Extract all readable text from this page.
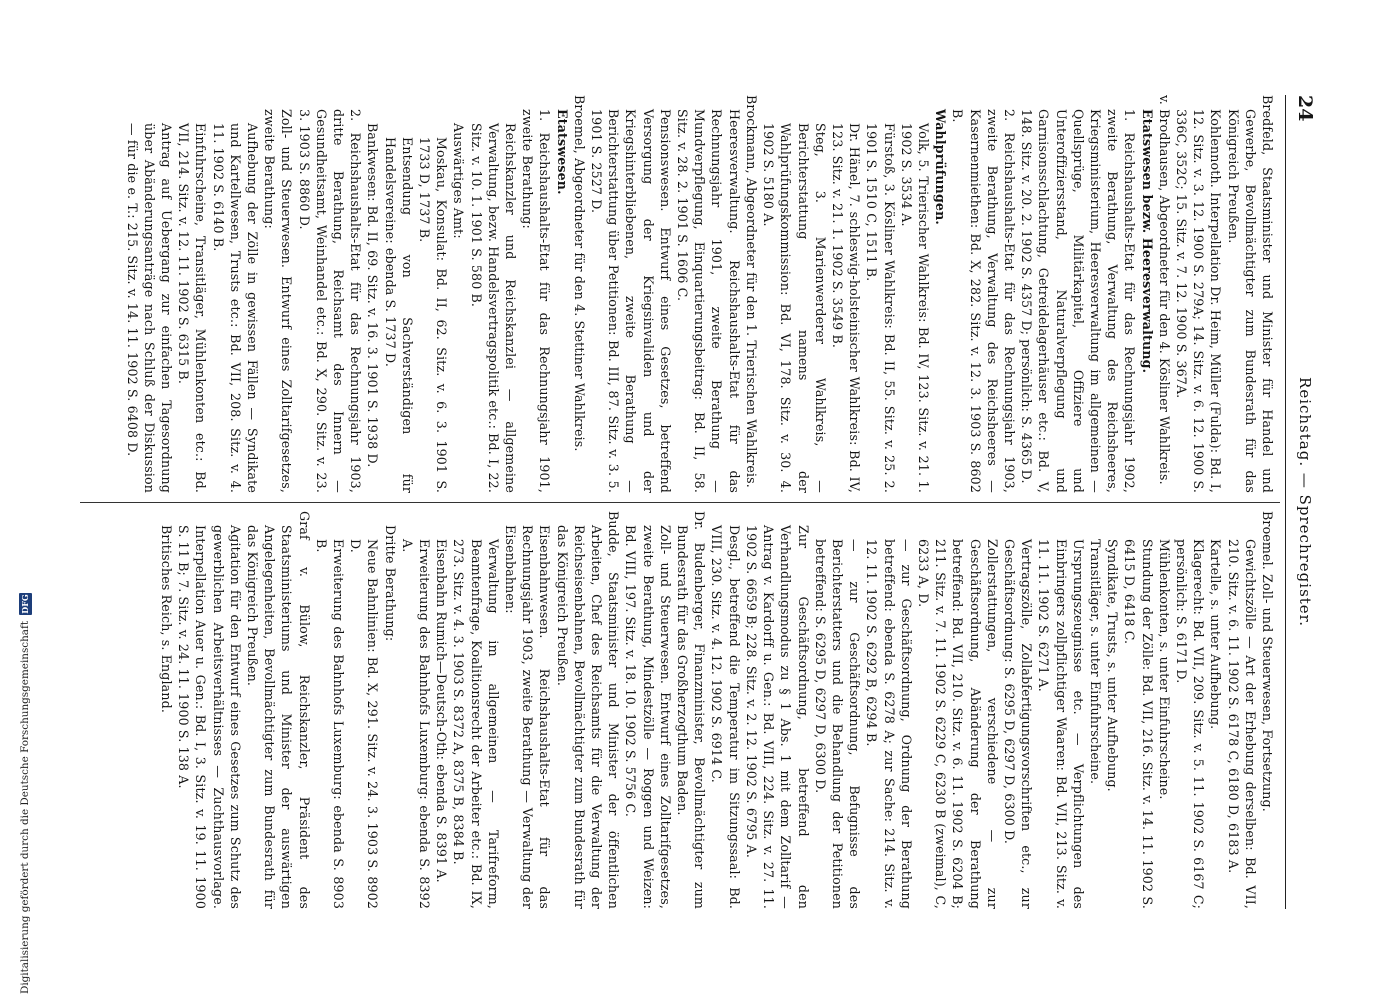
24
Reichstag. — Sprechregister.

Bredfeld, Staatsminister und Minister für Handel und Gewerbe, Bevollmächtigter zum Bundesrath für das Königreich Preußen.

Kohlennoth. Interpellation Dr. Heim, Müller (Fulda): Bd. I, 12. Sitz. v. 3. 12. 1900 S. 279A; 14. Sitz. v. 6. 12. 1900 S. 336C, 352C; 15. Sitz. v. 7. 12. 1900 S. 367A.

v. Brodhausen, Abgeordneter für den 4. Kösliner Wahlkreis.

Etatswesen bezw. Heeresverwaltung.

1. Reichshaushalts-Etat für das Rechnungsjahr 1902, zweite Berathung, Verwaltung des Reichsheeres, Kriegsministerium, Heeresverwaltung im allgemeinen — Quellsprüge, Militärkapitel, Offiziere und Unteroffiziersstand, Naturalverpflegung und Garnisonsschlachtung, Getreidelagerhäuser etc.: Bd. V, 148. Sitz. v. 20. 2. 1902 S. 4357 D; persönlich: S. 4365 D.

2. Reichshaushalts-Etat für das Rechnungsjahr 1903, zweite Berathung, Verwaltung des Reichsheeres — Kasernenmiethen: Bd. X, 282. Sitz. v. 12. 3. 1903 S. 8602 B.

Wahlprüfungen.

Volk, 5. Trierischer Wahlkreis: Bd. IV, 123. Sitz. v. 21. 1. 1902 S. 3534 A.

Fürstoß, 3. Kösliner Wahlkreis: Bd. II, 55. Sitz. v. 25. 2. 1901 S. 1510 C, 1511 B.

Dr. Hänel, 7. schleswig-holsteinischer Wahlkreis: Bd. IV, 123. Sitz. v. 21. 1. 1902 S. 3549 B.

Steg, 3. Marienwerderer Wahlkreis, — Berichterstattung namens der Wahlprüfungskommission: Bd. VI, 178. Sitz. v. 30. 4. 1902 S. 5180 A.

Brockmann, Abgeordneter für den 1. Trierischen Wahlkreis.

Heeresverwaltung. Reichshaushalts-Etat für das Rechnungsjahr 1901, zweite Berathung — Mundverpflegung, Einquartierungsbeitrag: Bd. II, 58. Sitz. v. 28. 2. 1901 S. 1606 C.

Pensionswesen. Entwurf eines Gesetzes, betreffend Versorgung der Kriegsinvaliden und der Kriegshinterbliebenen, zweite Berathung — Berichterstattung über Petitionen: Bd. III, 87. Sitz. v. 3. 5. 1901 S. 2527 D.

Broemel, Abgeordneter für den 4. Stettiner Wahlkreis.

Etatswesen.

1. Reichshaushalts-Etat für das Rechnungsjahr 1901, zweite Berathung:

Reichskanzler und Reichskanzlei — allgemeine Verwaltung, bezw. Handelsvertragspolitik etc.: Bd. I, 22. Sitz. v. 10. 1. 1901 S. 580 B.

Auswärtiges Amt:

Moskau, Konsulat: Bd. II, 62. Sitz. v. 6. 3. 1901 S. 1733 D, 1737 B.

Entsendung von Sachverständigen für Handelsvereine: ebenda S. 1737 D.

Bankwesen: Bd. II, 69. Sitz. v. 16. 3. 1901 S. 1938 D.

2. Reichshaushalts-Etat für das Rechnungsjahr 1903, dritte Berathung, Reichsamt des Innern — Gesundheitsamt, Weinhandel etc.: Bd. X, 290. Sitz. v. 23. 3. 1903 S. 8860 D.

Zoll- und Steuerwesen. Entwurf eines Zolltarifgesetzes, zweite Berathung:

Aufhebung der Zölle in gewissen Fällen — Syndikate und Kartellwesen, Trusts etc.: Bd. VII, 208. Sitz. v. 4. 11. 1902 S. 6140 B.

Einfuhrscheine, Transitläger, Mühlenkonten etc.: Bd. VII, 214. Sitz. v. 12. 11. 1902 S. 6315 B.

Antrag auf Uebergang zur einfachen Tagesordnung über Abänderungsanträge nach Schluß der Diskussion — für die e. T.: 215. Sitz. v. 14. 11. 1902 S. 6408 D.

Broemel. Zoll- und Steuerwesen, Fortsetzung.

Gewichtszölle — Art der Erhebung derselben: Bd. VII, 210. Sitz. v. 6. 11. 1902 S. 6178 C, 6180 D, 6183 A.

Kartelle, s. unter Aufhebung.

Klagerecht: Bd. VII, 209. Sitz. v. 5. 11. 1902 S. 6167 C; persönlich: S. 6171 D.

Mühlenkonten, s. unter Einfuhrscheine.

Stundung der Zölle: Bd. VII, 216. Sitz. v. 14. 11. 1902 S. 6415 D, 6418 C.

Syndikate, Trusts, s. unter Aufhebung.

Transitläger, s. unter Einfuhrscheine.

Ursprungszeugnisse etc. — Verpflichtungen des Einbringers zollpflichtiger Waaren: Bd. VII, 213. Sitz. v. 11. 11. 1902 S. 6271 A.

Vertragszölle, Zollabfertigungsvorschriften etc., zur Geschäftsordnung: S. 6295 D, 6297 D, 6300 D.

Zollerstattungen, verschiedene — zur Geschäftsordnung, Abänderung der Berathung betreffend: Bd. VII, 210. Sitz. v. 6. 11. 1902 S. 6204 B; 211. Sitz. v. 7. 11. 1902 S. 6229 C, 6230 B (zweimal), C, 6233 A, D.

— zur Geschäftsordnung, Ordnung der Berathung betreffend: ebenda S. 6278 A; zur Sache: 214. Sitz. v. 12. 11. 1902 S. 6292 B, 6294 B.

— zur Geschäftsordnung, Befugnisse des Berichterstatters und die Behandlung der Petitionen betreffend: S. 6295 D, 6297 D, 6300 D.

Zur Geschäftsordnung, betreffend den Verhandlungsmodus zu § 1 Abs. 1 mit dem Zolltarif — Antrag v. Kardorff u. Gen.: Bd. VIII, 224. Sitz. v. 27. 11. 1902 S. 6659 B; 228. Sitz. v. 2. 12. 1902 S. 6795 A.

Desgl., betreffend die Temperatur im Sitzungssaal: Bd. VIII, 230. Sitz. v. 4. 12. 1902 S. 6914 C.

Dr. Budenberger, Finanzminister, Bevollmächtigter zum Bundesrath für das Großherzogthum Baden.

Zoll- und Steuerwesen. Entwurf eines Zolltarifgesetzes, zweite Berathung, Mindestzölle — Roggen und Weizen: Bd. VIII, 197. Sitz. v. 18. 10. 1902 S. 5756 C.

Budde, Staatsminister und Minister der öffentlichen Arbeiten, Chef des Reichsamts für die Verwaltung der Reichseisenbahnen, Bevollmächtigter zum Bundesrath für das Königreich Preußen.

Eisenbahnwesen. Reichshaushalts-Etat für das Rechnungsjahr 1903, zweite Berathung — Verwaltung der Eisenbahnen:

Verwaltung im allgemeinen — Tarifreform, Beamtenfrage, Koalitionsrecht der Arbeiter etc.: Bd. IX, 273. Sitz. v. 4. 3. 1903 S. 8372 A, 8375 B, 8384 B.

Eisenbahn Rumich—Deutsch-Oth: ebenda S. 8391 A.

Erweiterung des Bahnhofs Luxemburg: ebenda S. 8392 A.

Dritte Berathung:

Neue Bahnlinien: Bd. X, 291. Sitz. v. 24. 3. 1903 S. 8902 D.

Erweiterung des Bahnhofs Luxemburg: ebenda S. 8903 B.

Graf v. Bülow, Reichskanzler, Präsident des Staatsministeriums und Minister der auswärtigen Angelegenheiten, Bevollmächtigter zum Bundesrath für das Königreich Preußen.

Agitation für den Entwurf eines Gesetzes zum Schutz des gewerblichen Arbeitsverhältnisses — Zuchthausvorlage. Interpellation Auer u. Gen.: Bd. I, 3. Sitz. v. 19. 11. 1900 S. 11 B; 7. Sitz. v. 24. 11. 1900 S. 138 A.

Britisches Reich, s. England.

Digitalisierung gefördert durch die Deutsche Forschungsgemeinschaft
DFG
